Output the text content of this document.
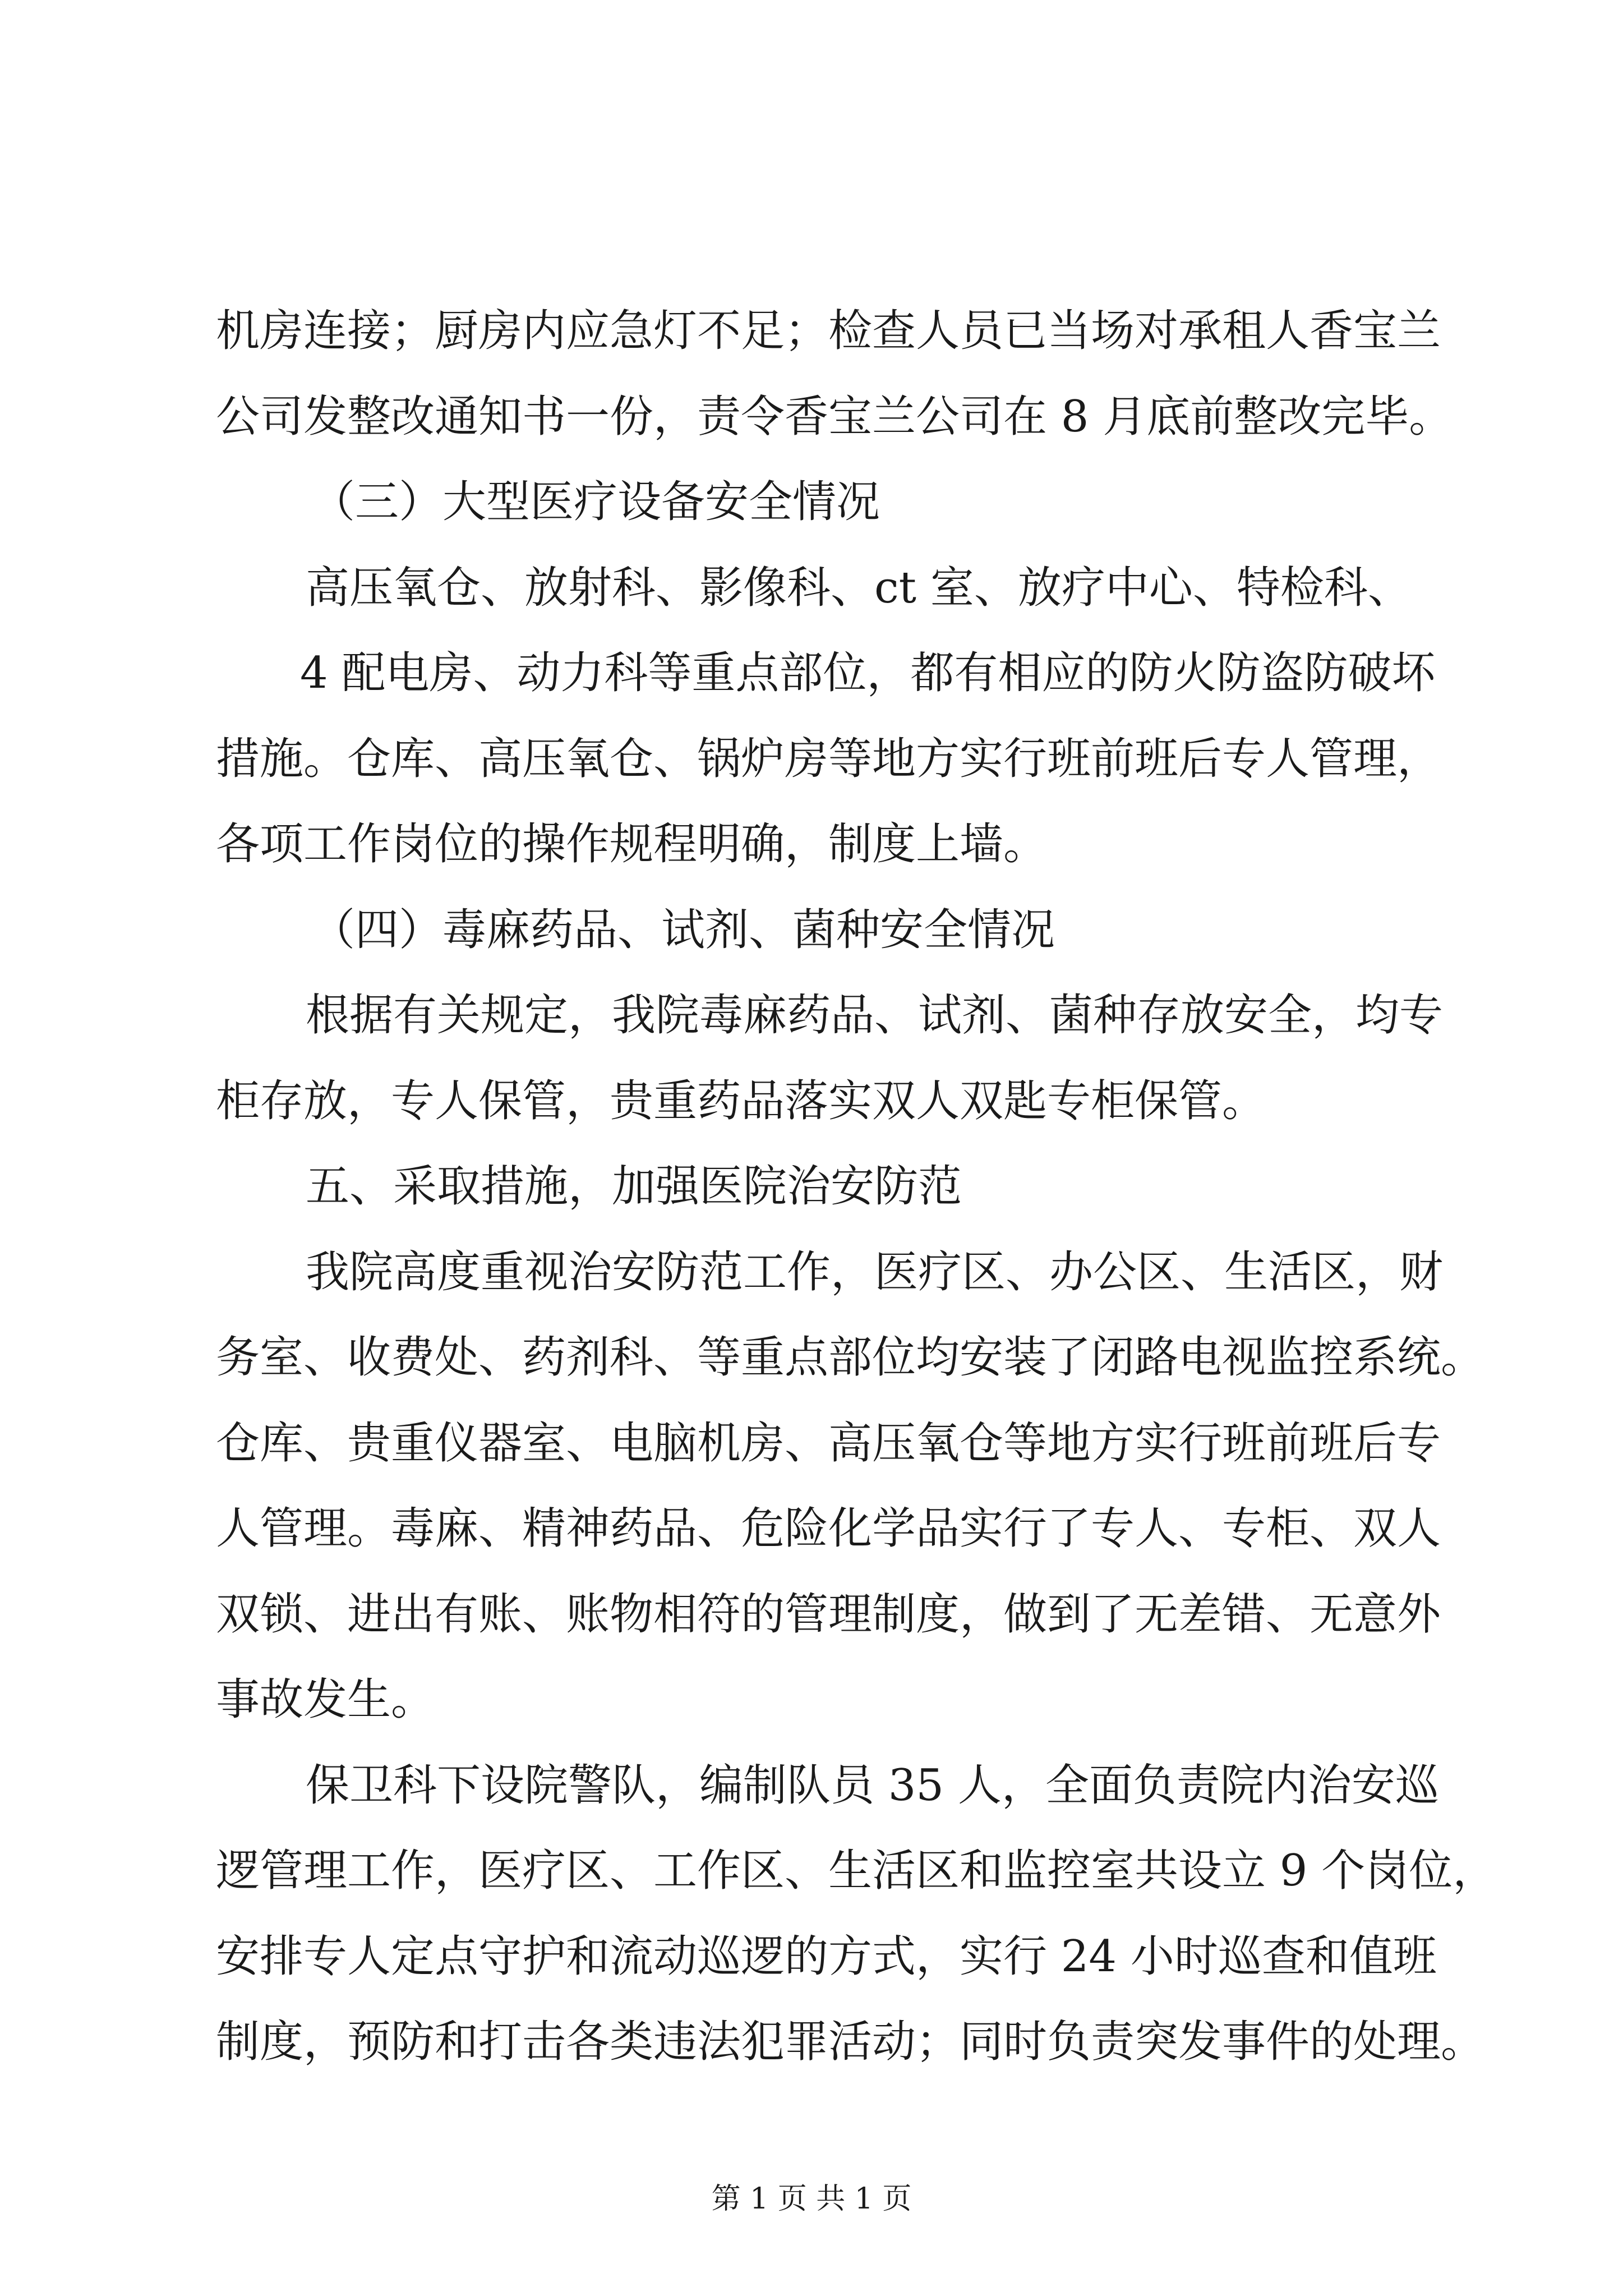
机房连接；厨房内应急灯不足；检查人员已当场对承租人香宝兰

公司发整改通知书一份，责令香宝兰公司在 8 月底前整改完毕。

（三）大型医疗设备安全情况

高压氧仓、放射科、影像科、ct 室、放疗中心、特检科、

4 配电房、动力科等重点部位，都有相应的防火防盗防破坏

措施。仓库、高压氧仓、锅炉房等地方实行班前班后专人管理，

各项工作岗位的操作规程明确，制度上墙。

（四）毒麻药品、试剂、菌种安全情况

根据有关规定，我院毒麻药品、试剂、菌种存放安全，均专

柜存放，专人保管，贵重药品落实双人双匙专柜保管。

五、采取措施，加强医院治安防范

我院高度重视治安防范工作，医疗区、办公区、生活区，财

务室、收费处、药剂科、等重点部位均安装了闭路电视监控系统。

仓库、贵重仪器室、电脑机房、高压氧仓等地方实行班前班后专

人管理。毒麻、精神药品、危险化学品实行了专人、专柜、双人

双锁、进出有账、账物相符的管理制度，做到了无差错、无意外

事故发生。

保卫科下设院警队，编制队员 35 人，全面负责院内治安巡

逻管理工作，医疗区、工作区、生活区和监控室共设立 9 个岗位，

安排专人定点守护和流动巡逻的方式，实行 24 小时巡查和值班

制度，预防和打击各类违法犯罪活动；同时负责突发事件的处理。

第 1 页 共 1 页
